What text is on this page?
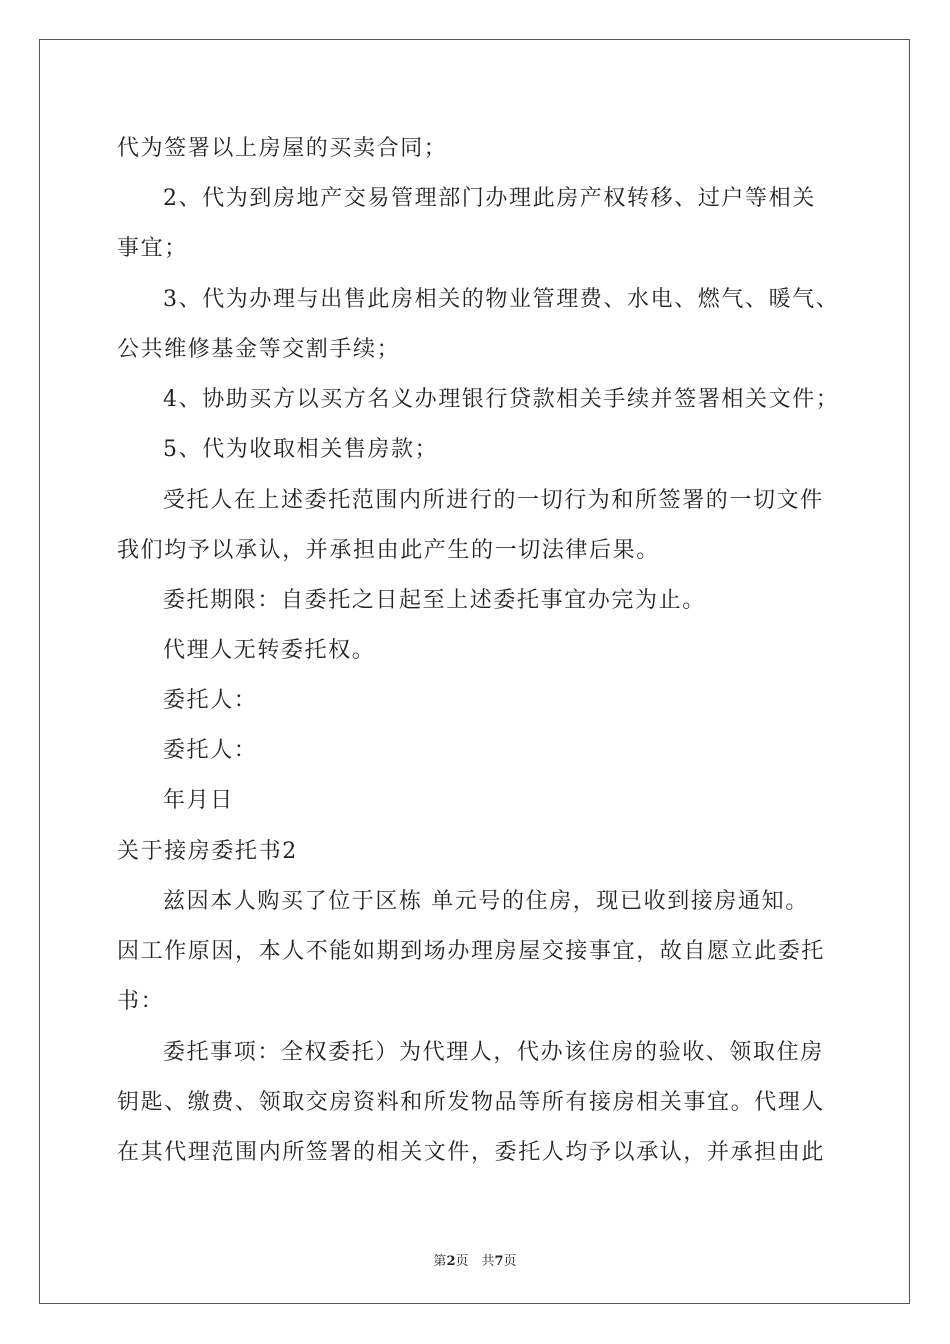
代为签署以上房屋的买卖合同；
2、代为到房地产交易管理部门办理此房产权转移、过户等相关
事宜；
3、代为办理与出售此房相关的物业管理费、水电、燃气、暖气、
公共维修基金等交割手续；
4、协助买方以买方名义办理银行贷款相关手续并签署相关文件；
5、代为收取相关售房款；
受托人在上述委托范围内所进行的一切行为和所签署的一切文件
我们均予以承认，并承担由此产生的一切法律后果。
委托期限：自委托之日起至上述委托事宜办完为止。
代理人无转委托权。
委托人：
委托人：
年月日
关于接房委托书2
兹因本人购买了位于区栋 单元号的住房，现已收到接房通知。
因工作原因，本人不能如期到场办理房屋交接事宜，故自愿立此委托
书：
委托事项：全权委托）为代理人，代办该住房的验收、领取住房
钥匙、缴费、领取交房资料和所发物品等所有接房相关事宜。代理人
在其代理范围内所签署的相关文件，委托人均予以承认，并承担由此
第2页　共7页
